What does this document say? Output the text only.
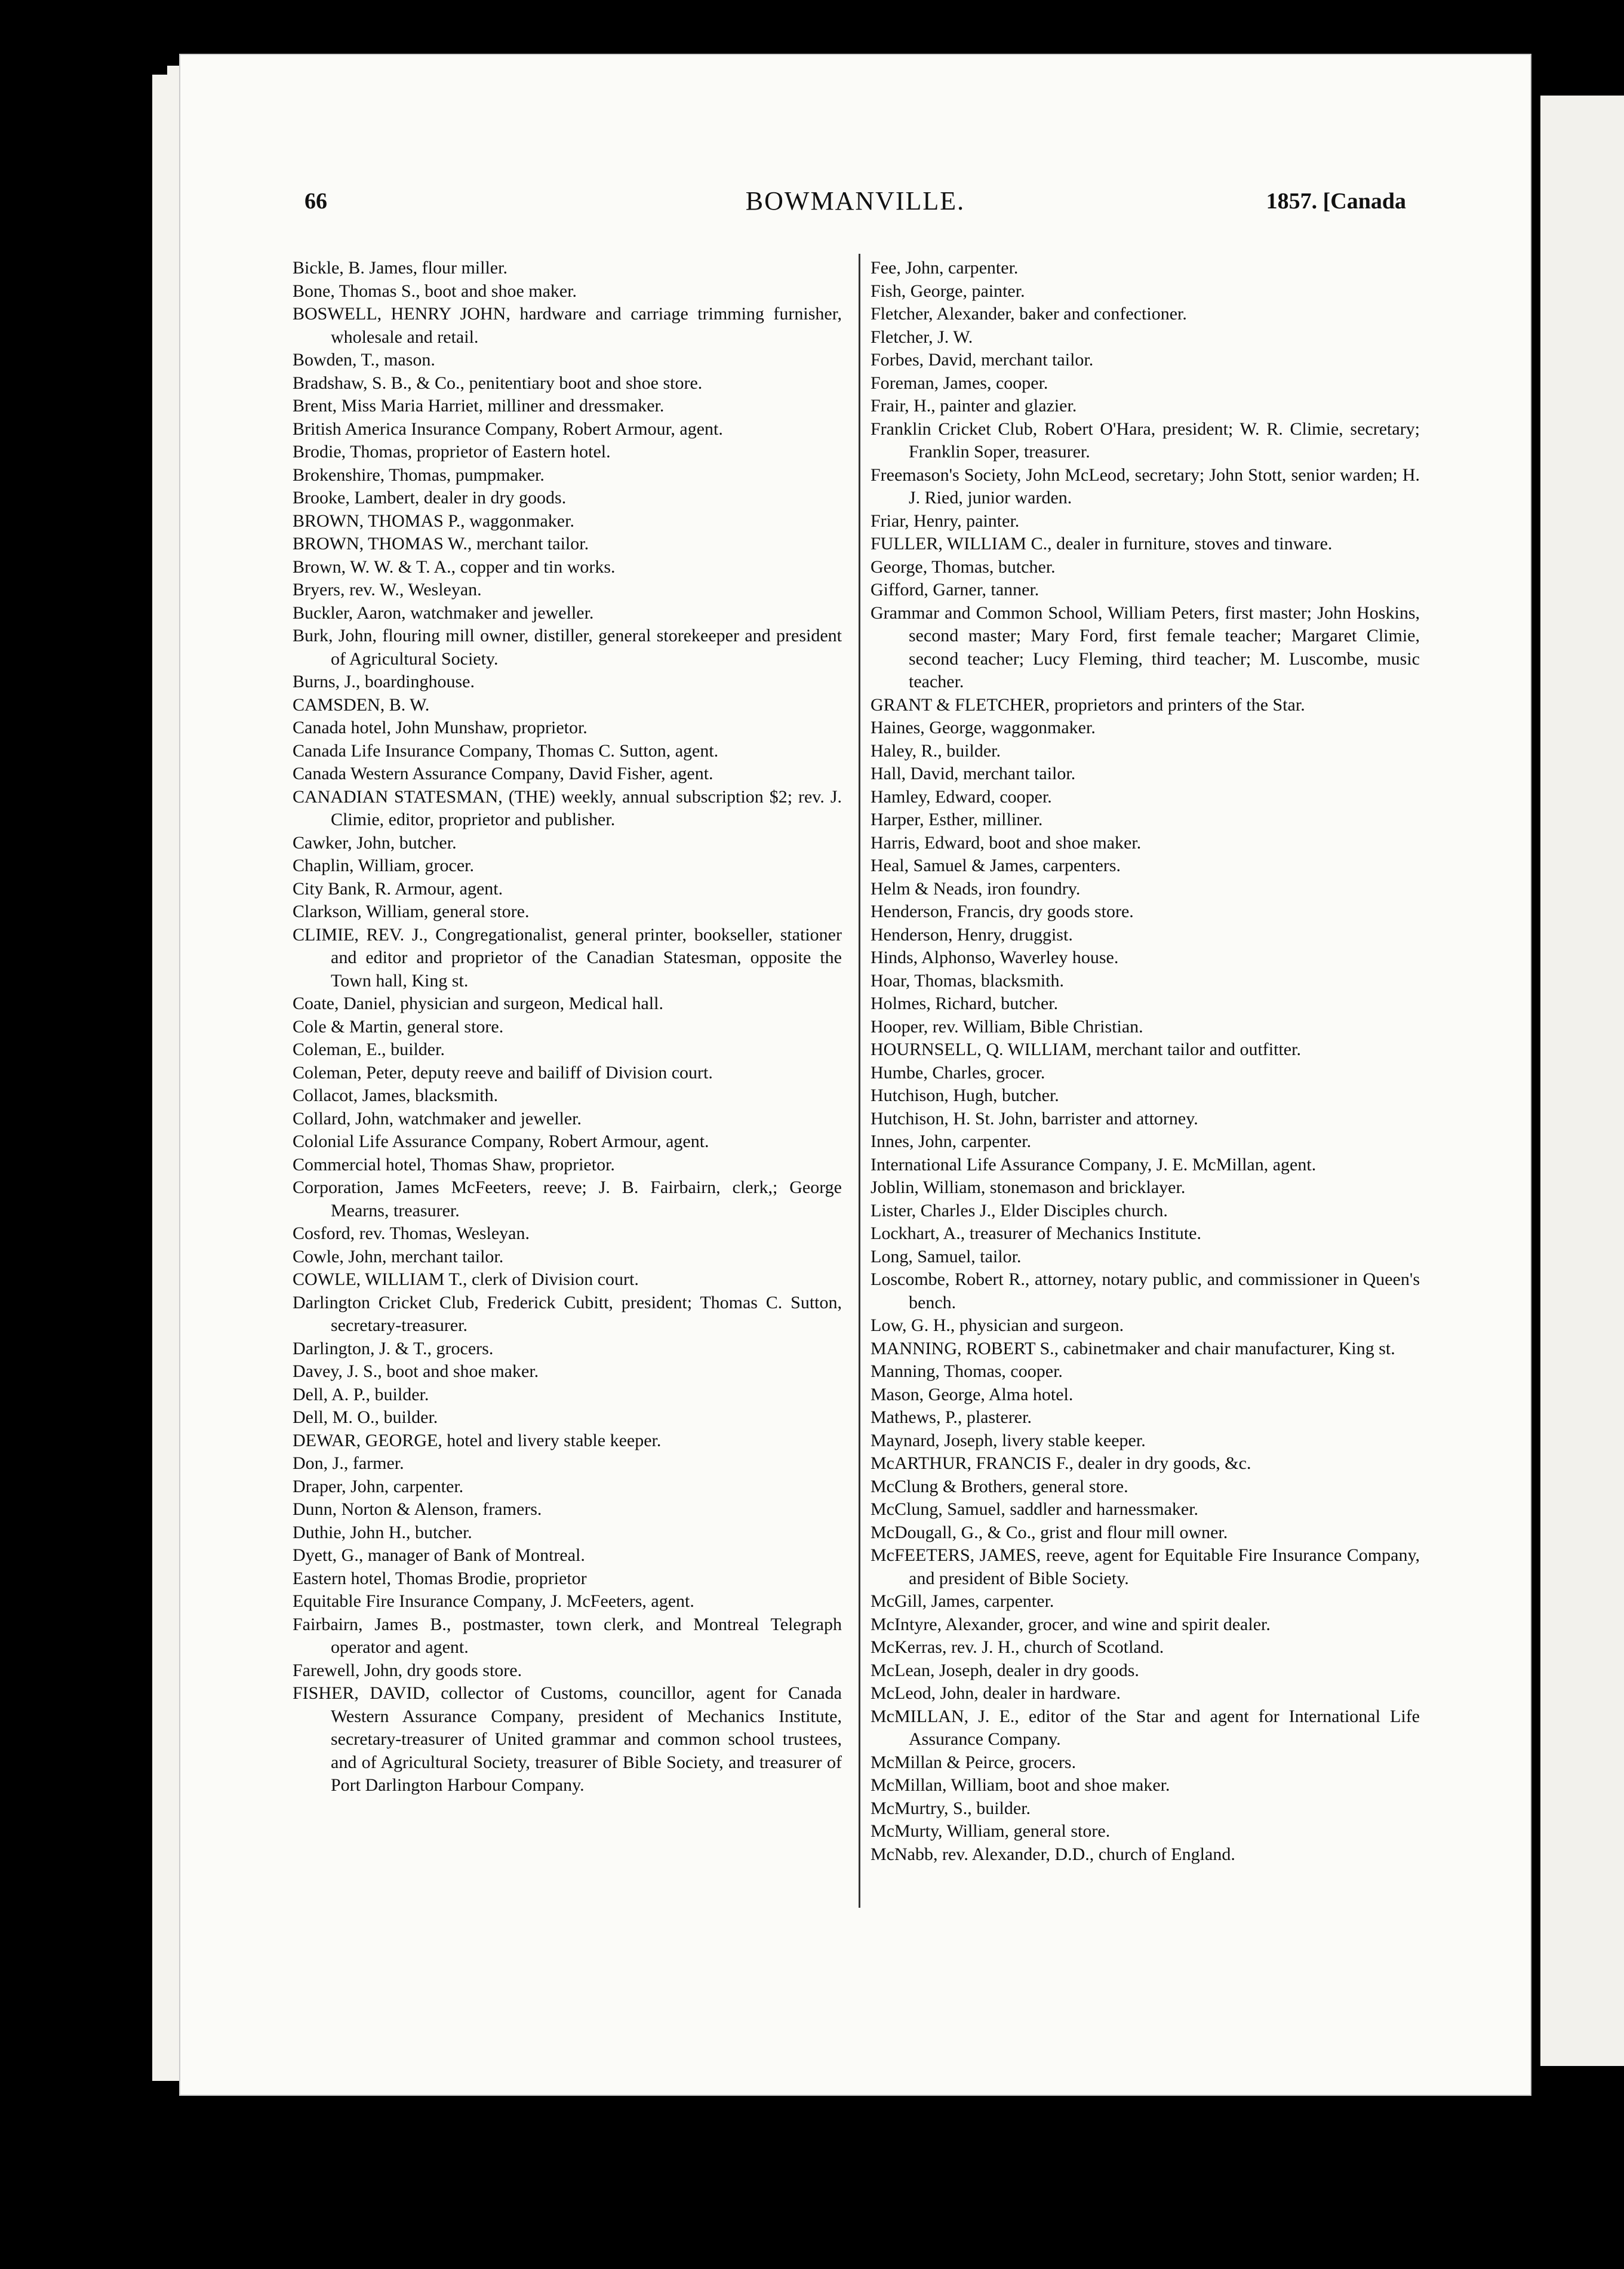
66	BOWMANVILLE.	1857. [Canada
Bickle, B. James, flour miller.
Bone, Thomas S., boot and shoe maker.
BOSWELL, HENRY JOHN, hardware and carriage trimming furnisher, wholesale and retail.
Bowden, T., mason.
Bradshaw, S. B., & Co., penitentiary boot and shoe store.
Brent, Miss Maria Harriet, milliner and dressmaker.
British America Insurance Company, Robert Armour, agent.
Brodie, Thomas, proprietor of Eastern hotel.
Brokenshire, Thomas, pumpmaker.
Brooke, Lambert, dealer in dry goods.
BROWN, THOMAS P., waggonmaker.
BROWN, THOMAS W., merchant tailor.
Brown, W. W. & T. A., copper and tin works.
Bryers, rev. W., Wesleyan.
Buckler, Aaron, watchmaker and jeweller.
Burk, John, flouring mill owner, distiller, general storekeeper and president of Agricultural Society.
Burns, J., boardinghouse.
CAMSDEN, B. W.
Canada hotel, John Munshaw, proprietor.
Canada Life Insurance Company, Thomas C. Sutton, agent.
Canada Western Assurance Company, David Fisher, agent.
CANADIAN STATESMAN, (THE) weekly, annual subscription $2; rev. J. Climie, editor, proprietor and publisher.
Cawker, John, butcher.
Chaplin, William, grocer.
City Bank, R. Armour, agent.
Clarkson, William, general store.
CLIMIE, REV. J., Congregationalist, general printer, bookseller, stationer and editor and proprietor of the Canadian Statesman, opposite the Town hall, King st.
Coate, Daniel, physician and surgeon, Medical hall.
Cole & Martin, general store.
Coleman, E., builder.
Coleman, Peter, deputy reeve and bailiff of Division court.
Collacot, James, blacksmith.
Collard, John, watchmaker and jeweller.
Colonial Life Assurance Company, Robert Armour, agent.
Commercial hotel, Thomas Shaw, proprietor.
Corporation, James McFeeters, reeve; J. B. Fairbairn, clerk,; George Mearns, treasurer.
Cosford, rev. Thomas, Wesleyan.
Cowle, John, merchant tailor.
COWLE, WILLIAM T., clerk of Division court.
Darlington Cricket Club, Frederick Cubitt, president; Thomas C. Sutton, secretary-treasurer.
Darlington, J. & T., grocers.
Davey, J. S., boot and shoe maker.
Dell, A. P., builder.
Dell, M. O., builder.
DEWAR, GEORGE, hotel and livery stable keeper.
Don, J., farmer.
Draper, John, carpenter.
Dunn, Norton & Alenson, framers.
Duthie, John H., butcher.
Dyett, G., manager of Bank of Montreal.
Eastern hotel, Thomas Brodie, proprietor
Equitable Fire Insurance Company, J. McFeeters, agent.
Fairbairn, James B., postmaster, town clerk, and Montreal Telegraph operator and agent.
Farewell, John, dry goods store.
FISHER, DAVID, collector of Customs, councillor, agent for Canada Western Assurance Company, president of Mechanics Institute, secretary-treasurer of United grammar and common school trustees, and of Agricultural Society, treasurer of Bible Society, and treasurer of Port Darlington Harbour Company.
Fee, John, carpenter.
Fish, George, painter.
Fletcher, Alexander, baker and confectioner.
Fletcher, J. W.
Forbes, David, merchant tailor.
Foreman, James, cooper.
Frair, H., painter and glazier.
Franklin Cricket Club, Robert O'Hara, president; W. R. Climie, secretary; Franklin Soper, treasurer.
Freemason's Society, John McLeod, secretary; John Stott, senior warden; H. J. Ried, junior warden.
Friar, Henry, painter.
FULLER, WILLIAM C., dealer in furniture, stoves and tinware.
George, Thomas, butcher.
Gifford, Garner, tanner.
Grammar and Common School, William Peters, first master; John Hoskins, second master; Mary Ford, first female teacher; Margaret Climie, second teacher; Lucy Fleming, third teacher; M. Luscombe, music teacher.
GRANT & FLETCHER, proprietors and printers of the Star.
Haines, George, waggonmaker.
Haley, R., builder.
Hall, David, merchant tailor.
Hamley, Edward, cooper.
Harper, Esther, milliner.
Harris, Edward, boot and shoe maker.
Heal, Samuel & James, carpenters.
Helm & Neads, iron foundry.
Henderson, Francis, dry goods store.
Henderson, Henry, druggist.
Hinds, Alphonso, Waverley house.
Hoar, Thomas, blacksmith.
Holmes, Richard, butcher.
Hooper, rev. William, Bible Christian.
HOURNSELL, Q. WILLIAM, merchant tailor and outfitter.
Humbe, Charles, grocer.
Hutchison, Hugh, butcher.
Hutchison, H. St. John, barrister and attorney.
Innes, John, carpenter.
International Life Assurance Company, J. E. McMillan, agent.
Joblin, William, stonemason and bricklayer.
Lister, Charles J., Elder Disciples church.
Lockhart, A., treasurer of Mechanics Institute.
Long, Samuel, tailor.
Loscombe, Robert R., attorney, notary public, and commissioner in Queen's bench.
Low, G. H., physician and surgeon.
MANNING, ROBERT S., cabinetmaker and chair manufacturer, King st.
Manning, Thomas, cooper.
Mason, George, Alma hotel.
Mathews, P., plasterer.
Maynard, Joseph, livery stable keeper.
McARTHUR, FRANCIS F., dealer in dry goods, &c.
McClung & Brothers, general store.
McClung, Samuel, saddler and harnessmaker.
McDougall, G., & Co., grist and flour mill owner.
McFEETERS, JAMES, reeve, agent for Equitable Fire Insurance Company, and president of Bible Society.
McGill, James, carpenter.
McIntyre, Alexander, grocer, and wine and spirit dealer.
McKerras, rev. J. H., church of Scotland.
McLean, Joseph, dealer in dry goods.
McLeod, John, dealer in hardware.
McMILLAN, J. E., editor of the Star and agent for International Life Assurance Company.
McMillan & Peirce, grocers.
McMillan, William, boot and shoe maker.
McMurtry, S., builder.
McMurty, William, general store.
McNabb, rev. Alexander, D.D., church of England.
